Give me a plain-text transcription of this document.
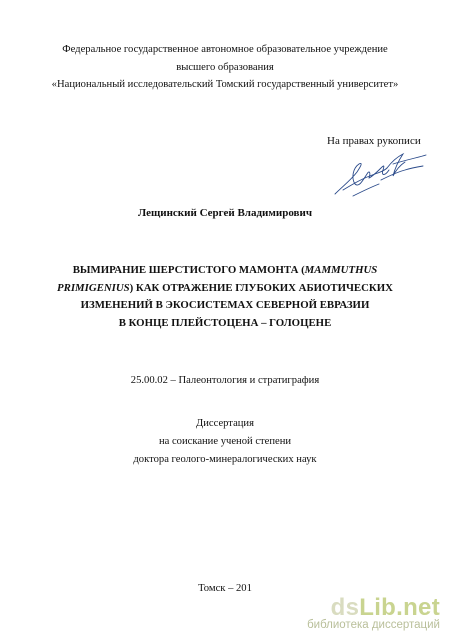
Федеральное государственное автономное образовательное учреждение
высшего образования
«Национальный исследовательский Томский государственный университет»
На правах рукописи
Лещинский Сергей Владимирович
ВЫМИРАНИЕ ШЕРСТИСТОГО МАМОНТА (MAMMUTHUS
PRIMIGENIUS) КАК ОТРАЖЕНИЕ ГЛУБОКИХ АБИОТИЧЕСКИХ
ИЗМЕНЕНИЙ В ЭКОСИСТЕМАХ СЕВЕРНОЙ ЕВРАЗИИ
В КОНЦЕ ПЛЕЙСТОЦЕНА – ГОЛОЦЕНЕ
25.00.02 – Палеонтология и стратиграфия
Диссертация
на соискание ученой степени
доктора геолого-минералогических наук
Томск – 201
dsLib.net
библиотека диссертаций
